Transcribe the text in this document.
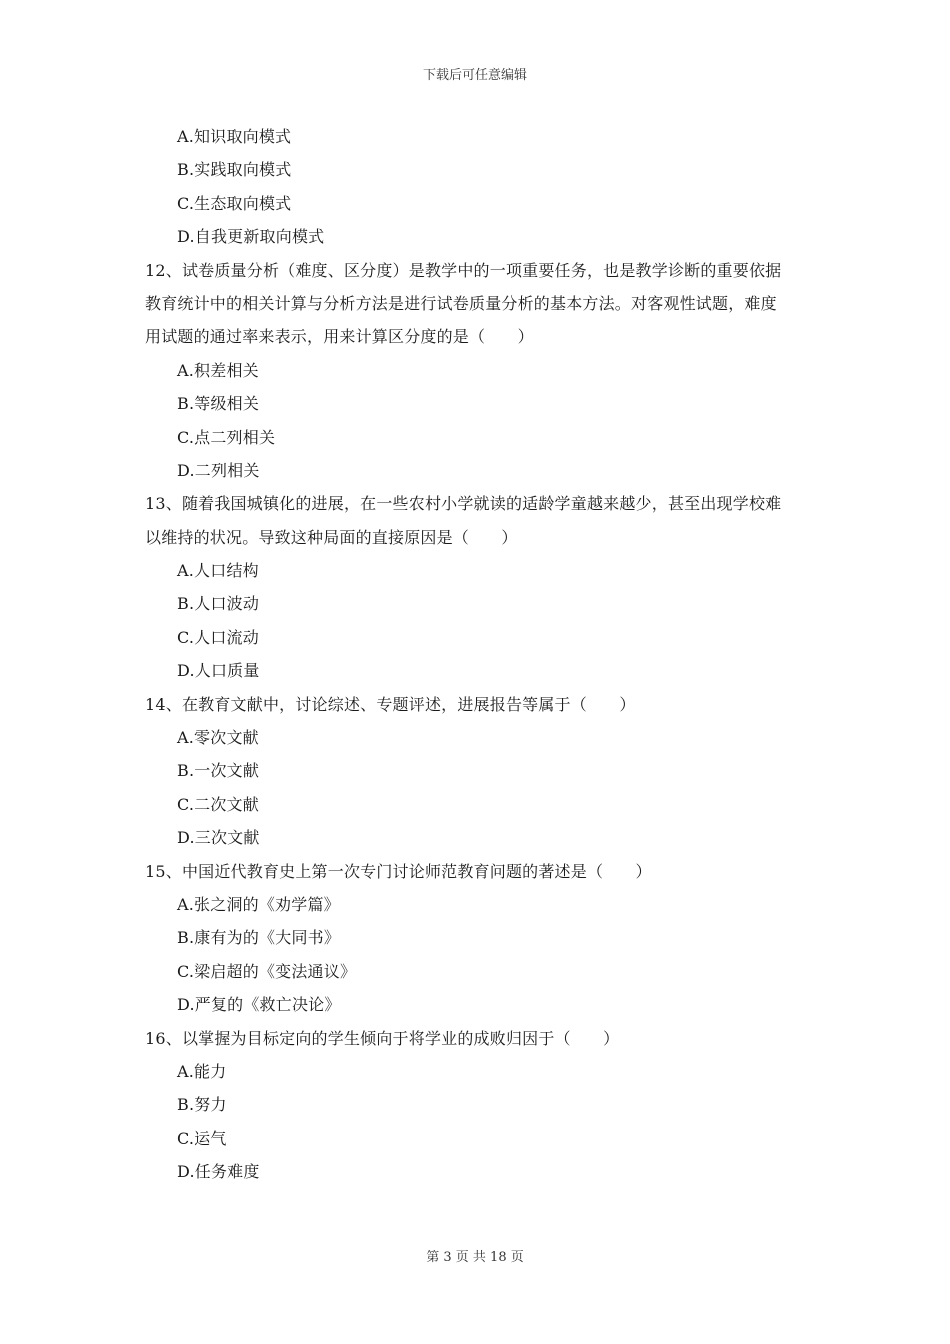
下载后可任意编辑
A.知识取向模式
B.实践取向模式
C.生态取向模式
D.自我更新取向模式
12、试卷质量分析（难度、区分度）是教学中的一项重要任务，也是教学诊断的重要依据
教育统计中的相关计算与分析方法是进行试卷质量分析的基本方法。对客观性试题，难度
用试题的通过率来表示，用来计算区分度的是（　　）
A.积差相关
B.等级相关
C.点二列相关
D.二列相关
13、随着我国城镇化的进展，在一些农村小学就读的适龄学童越来越少，甚至出现学校难
以维持的状况。导致这种局面的直接原因是（　　）
A.人口结构
B.人口波动
C.人口流动
D.人口质量
14、在教育文献中，讨论综述、专题评述，进展报告等属于（　　）
A.零次文献
B.一次文献
C.二次文献
D.三次文献
15、中国近代教育史上第一次专门讨论师范教育问题的著述是（　　）
A.张之洞的《劝学篇》
B.康有为的《大同书》
C.梁启超的《变法通议》
D.严复的《救亡决论》
16、以掌握为目标定向的学生倾向于将学业的成败归因于（　　）
A.能力
B.努力
C.运气
D.任务难度
第 3 页 共 18 页
